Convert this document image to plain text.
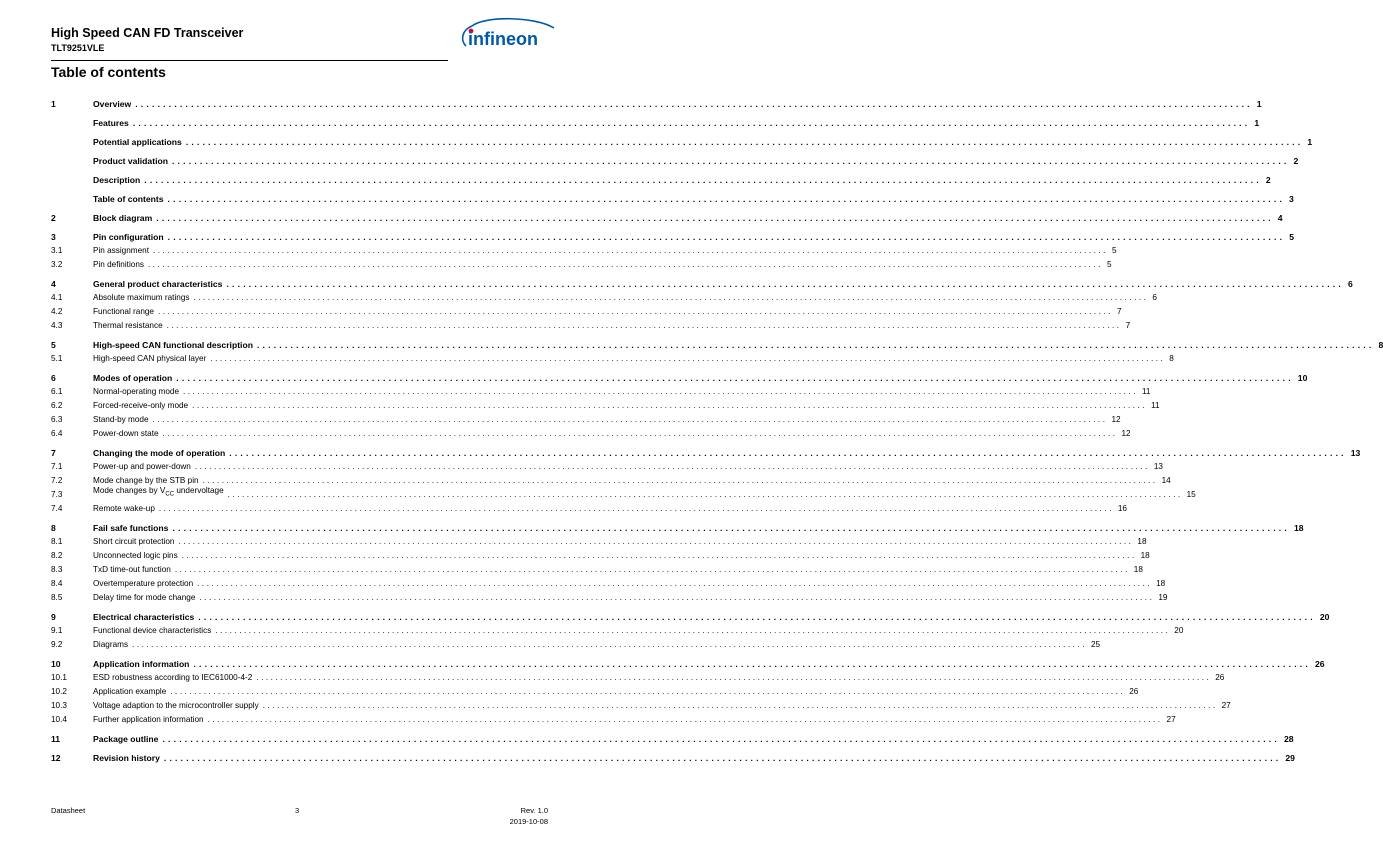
High Speed CAN FD Transceiver
TLT9251VLE	infineon
Table of contents
1	Overview ........................................................................................................................................................................................................ 1
Features ........................................................................................................................................................................................................ 1
Potential applications ........................................................................................................................................................................................................ 1
Product validation ........................................................................................................................................................................................................ 2
Description ........................................................................................................................................................................................................ 2
Table of contents ........................................................................................................................................................................................................ 3
2	Block diagram ........................................................................................................................................................................................................ 4
3	Pin configuration ........................................................................................................................................................................................................ 5
3.1	Pin assignment ........................................................................................................................................................................................................ 5
3.2	Pin definitions ........................................................................................................................................................................................................ 5
4	General product characteristics ........................................................................................................................................................................................................ 6
4.1	Absolute maximum ratings ........................................................................................................................................................................................................ 6
4.2	Functional range ........................................................................................................................................................................................................ 7
4.3	Thermal resistance ........................................................................................................................................................................................................ 7
5	High-speed CAN functional description ........................................................................................................................................................................................................ 8
5.1	High-speed CAN physical layer ........................................................................................................................................................................................................ 8
6	Modes of operation ........................................................................................................................................................................................................ 10
6.1	Normal-operating mode ........................................................................................................................................................................................................ 11
6.2	Forced-receive-only mode ........................................................................................................................................................................................................ 11
6.3	Stand-by mode ........................................................................................................................................................................................................ 12
6.4	Power-down state ........................................................................................................................................................................................................ 12
7	Changing the mode of operation ........................................................................................................................................................................................................ 13
7.1	Power-up and power-down ........................................................................................................................................................................................................ 13
7.2	Mode change by the STB pin ........................................................................................................................................................................................................ 14
7.3	Mode changes by $V_{CC}$ undervoltage ........................................................................................................................................................................................................ 15
7.4	Remote wake-up ........................................................................................................................................................................................................ 16
8	Fail safe functions ........................................................................................................................................................................................................ 18
8.1	Short circuit protection ........................................................................................................................................................................................................ 18
8.2	Unconnected logic pins ........................................................................................................................................................................................................ 18
8.3	TxD time-out function ........................................................................................................................................................................................................ 18
8.4	Overtemperature protection ........................................................................................................................................................................................................ 18
8.5	Delay time for mode change ........................................................................................................................................................................................................ 19
9	Electrical characteristics ........................................................................................................................................................................................................ 20
9.1	Functional device characteristics ........................................................................................................................................................................................................ 20
9.2	Diagrams ........................................................................................................................................................................................................ 25
10	Application information ........................................................................................................................................................................................................ 26
10.1	ESD robustness according to IEC61000-4-2 ........................................................................................................................................................................................................ 26
10.2	Application example ........................................................................................................................................................................................................ 26
10.3	Voltage adaption to the microcontroller supply ........................................................................................................................................................................................................ 27
10.4	Further application information ........................................................................................................................................................................................................ 27
11	Package outline ........................................................................................................................................................................................................ 28
12	Revision history ........................................................................................................................................................................................................ 29
Datasheet	3	Rev. 1.0
2019-10-08
